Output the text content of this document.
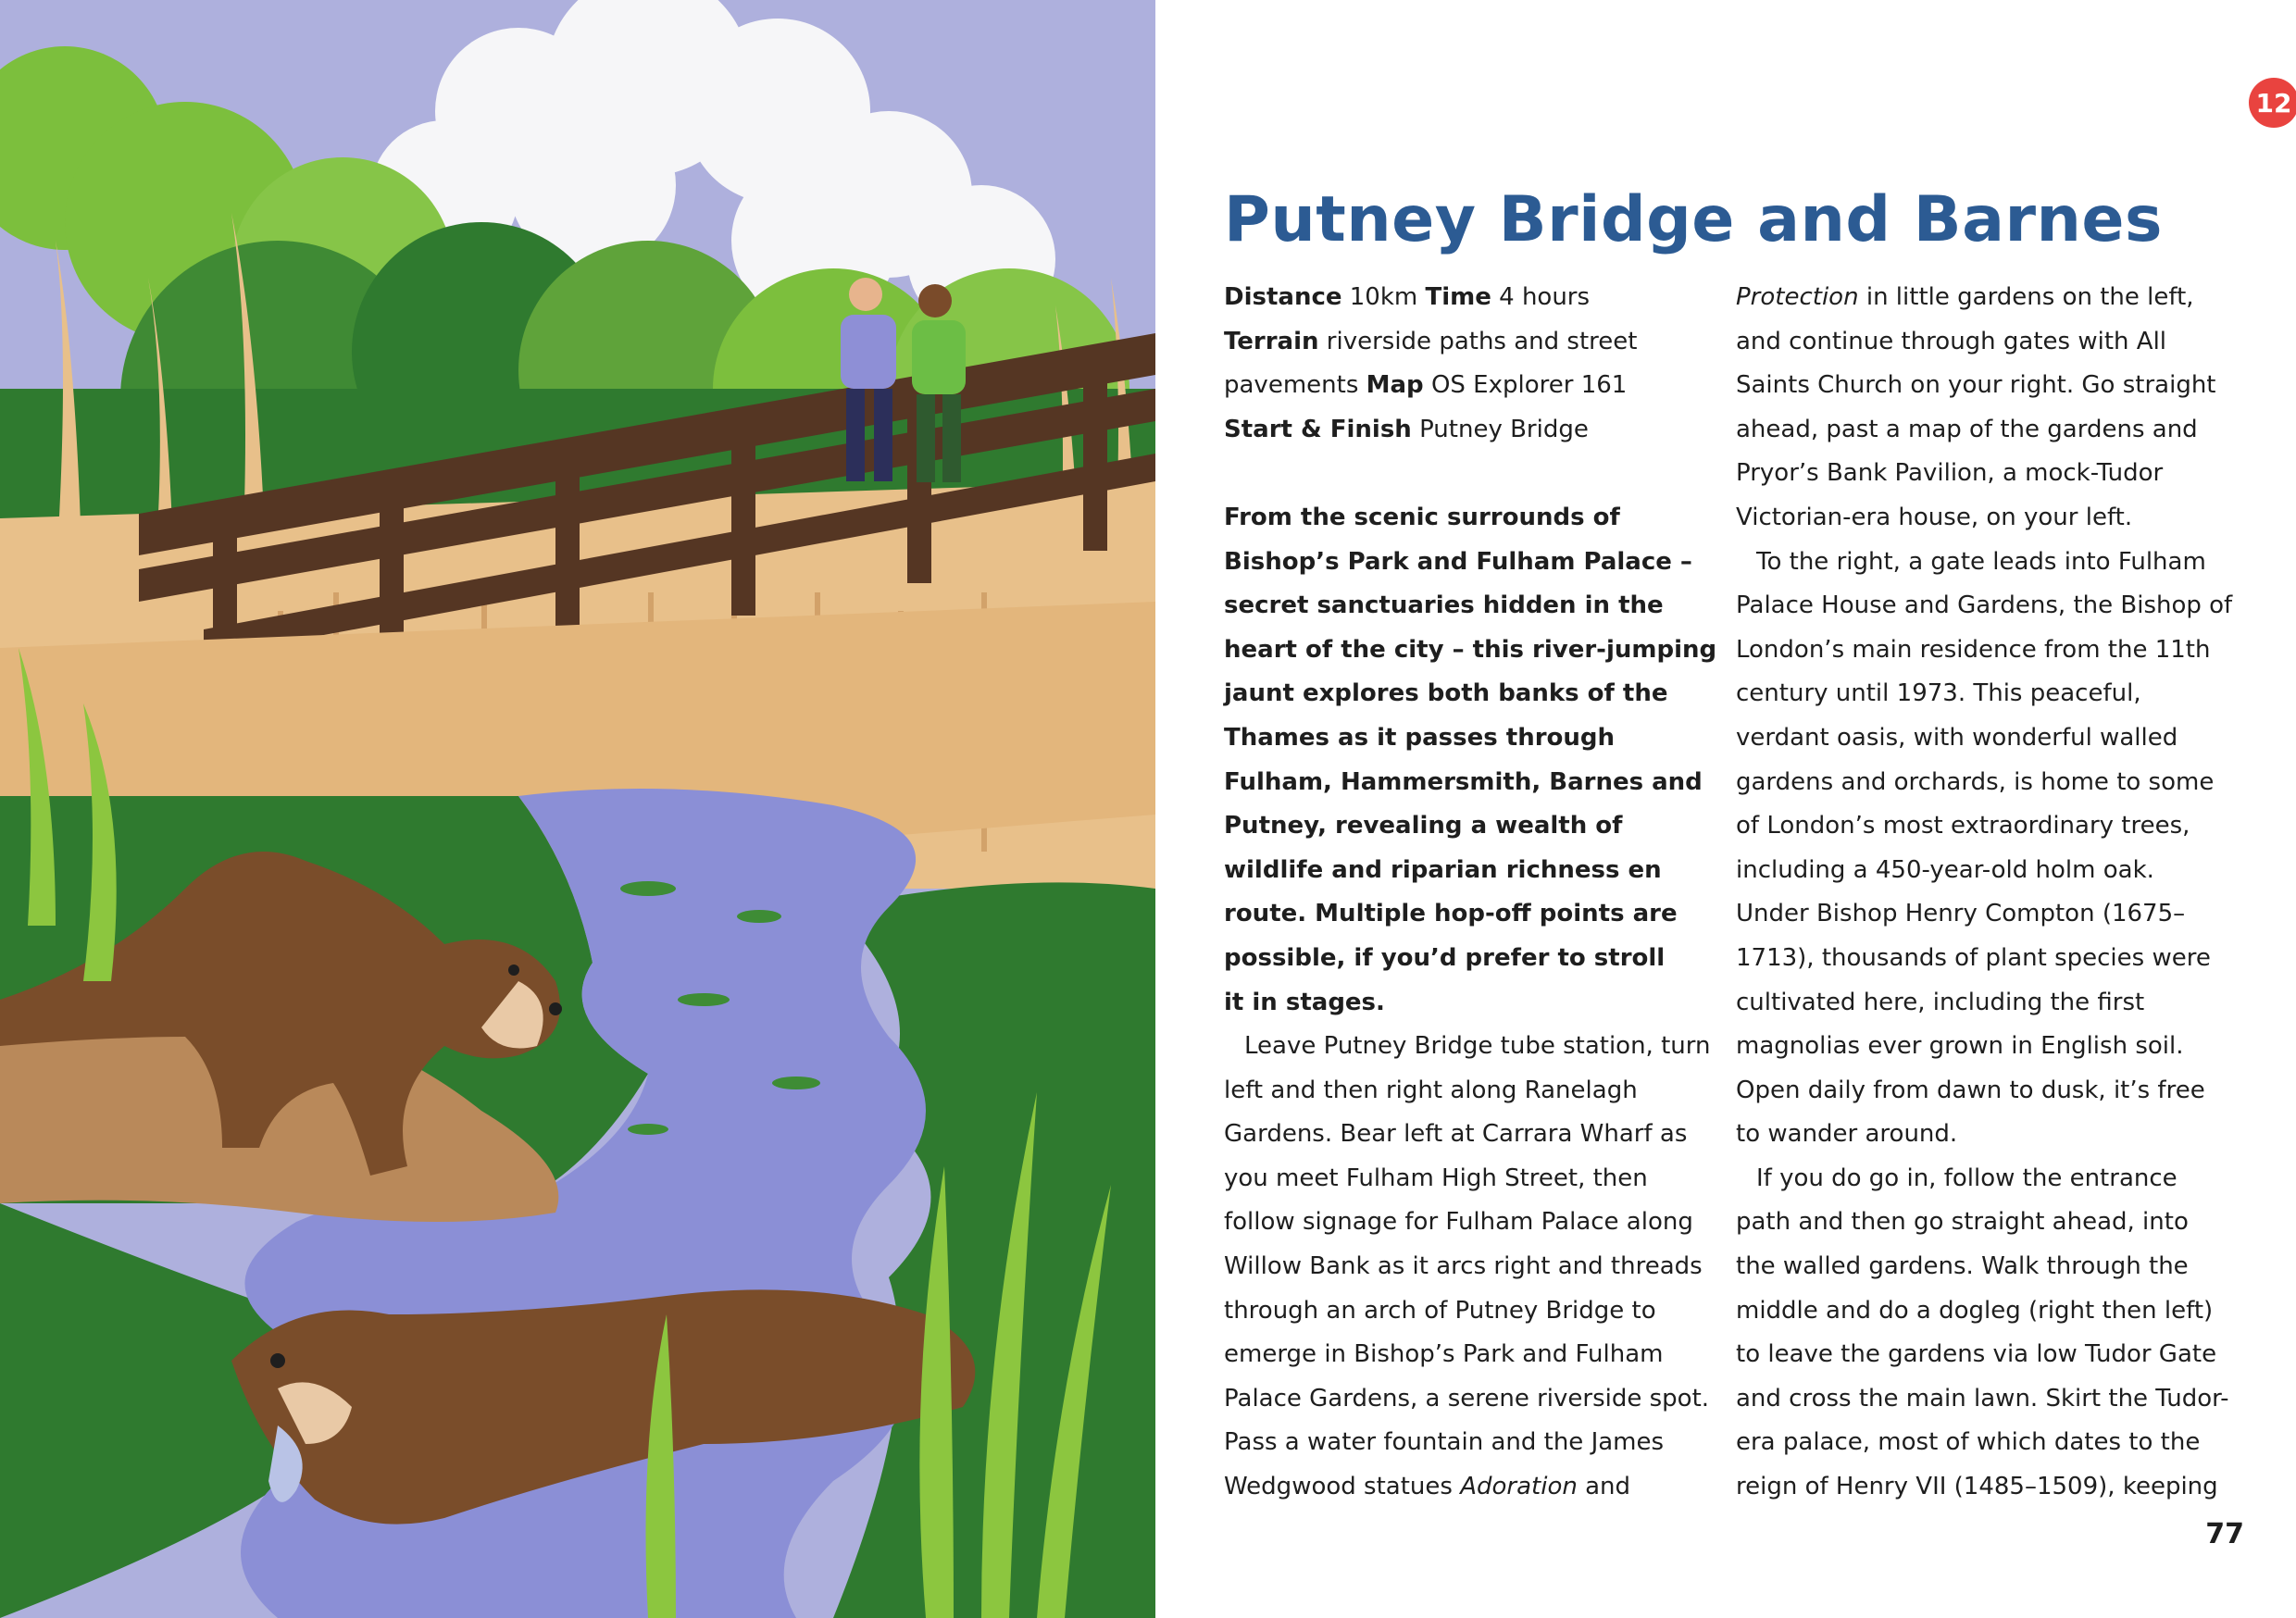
12
Putney Bridge and Barnes
Distance 10km Time 4 hours
Terrain riverside paths and street
pavements Map OS Explorer 161
Start & Finish Putney Bridge
From the scenic surrounds of
Bishop’s Park and Fulham Palace –
secret sanctuaries hidden in the
heart of the city – this river-jumping
jaunt explores both banks of the
Thames as it passes through
Fulham, Hammersmith, Barnes and
Putney, revealing a wealth of
wildlife and riparian richness en
route. Multiple hop-off points are
possible, if you’d prefer to stroll
it in stages.
Leave Putney Bridge tube station, turn
left and then right along Ranelagh
Gardens. Bear left at Carrara Wharf as
you meet Fulham High Street, then
follow signage for Fulham Palace along
Willow Bank as it arcs right and threads
through an arch of Putney Bridge to
emerge in Bishop’s Park and Fulham
Palace Gardens, a serene riverside spot.
Pass a water fountain and the James
Wedgwood statues Adoration and
Protection in little gardens on the left,
and continue through gates with All
Saints Church on your right. Go straight
ahead, past a map of the gardens and
Pryor’s Bank Pavilion, a mock-Tudor
Victorian-era house, on your left.
To the right, a gate leads into Fulham
Palace House and Gardens, the Bishop of
London’s main residence from the 11th
century until 1973. This peaceful,
verdant oasis, with wonderful walled
gardens and orchards, is home to some
of London’s most extraordinary trees,
including a 450-year-old holm oak.
Under Bishop Henry Compton (1675–
1713), thousands of plant species were
cultivated here, including the first
magnolias ever grown in English soil.
Open daily from dawn to dusk, it’s free
to wander around.
If you do go in, follow the entrance
path and then go straight ahead, into
the walled gardens. Walk through the
middle and do a dogleg (right then left)
to leave the gardens via low Tudor Gate
and cross the main lawn. Skirt the Tudor-
era palace, most of which dates to the
reign of Henry VII (1485–1509), keeping
77
